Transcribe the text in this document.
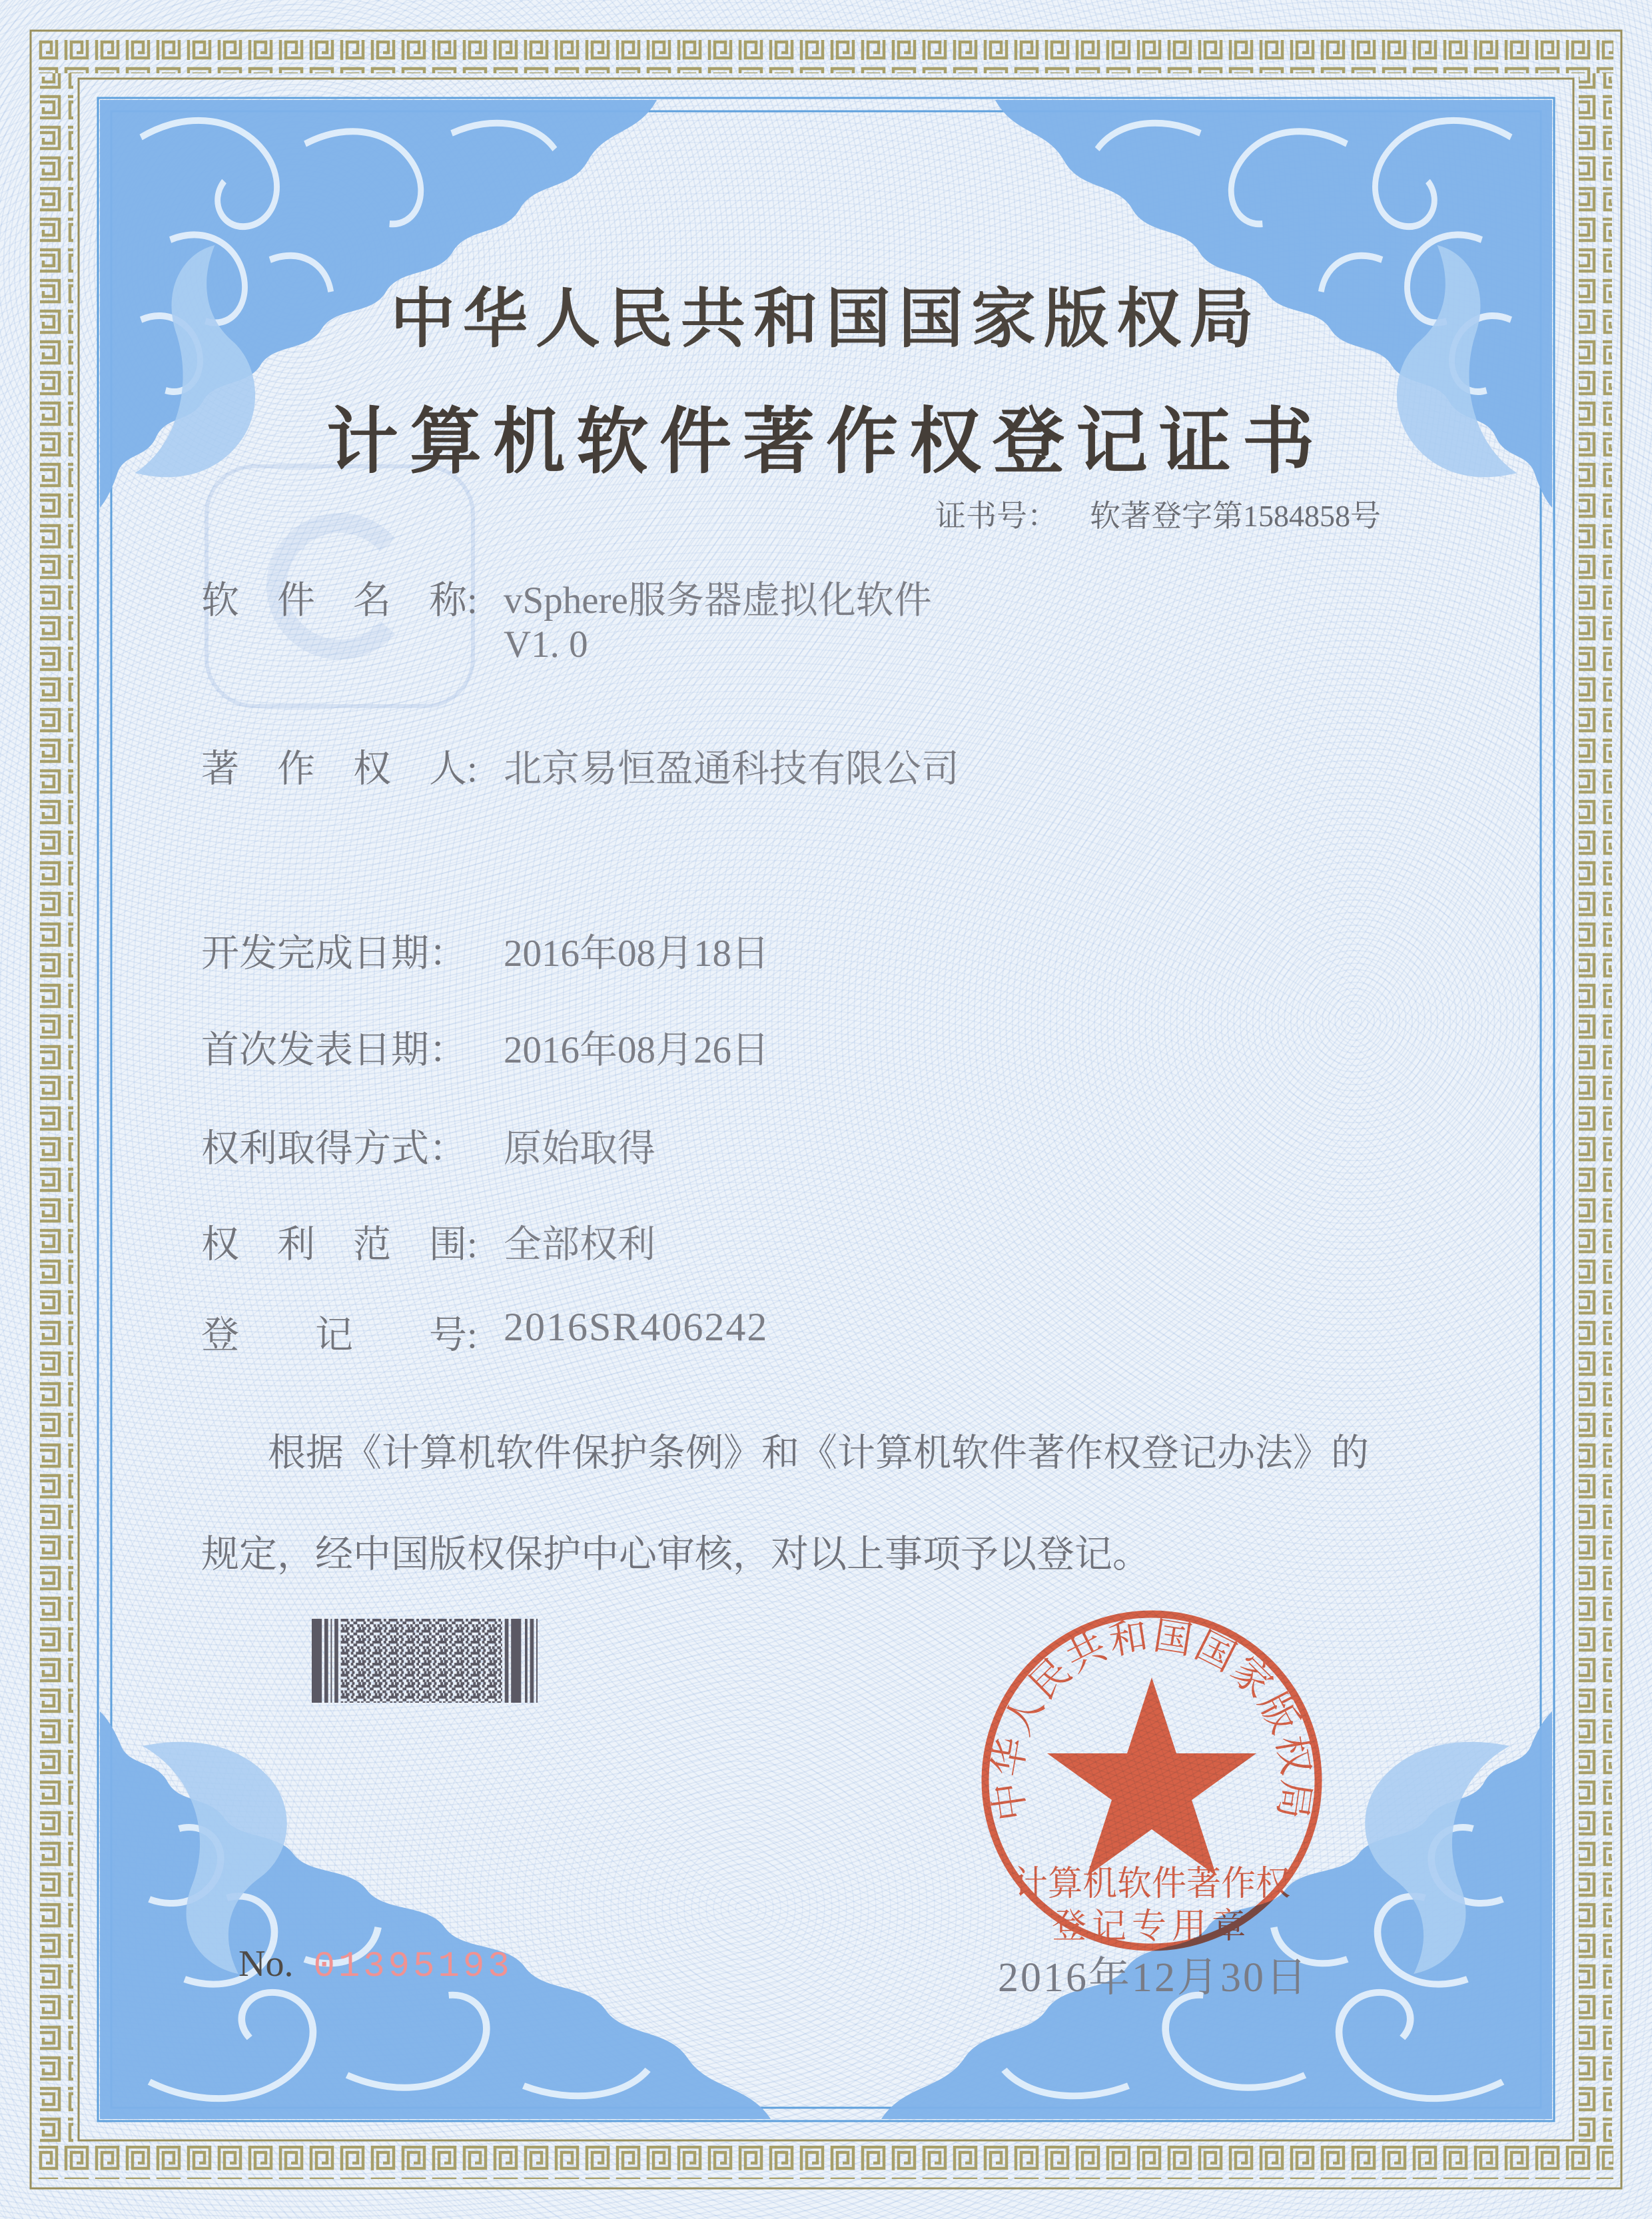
中华人民共和国国家版权局
计算机软件著作权登记证书
证书号： 软著登字第1584858号
软　件　名　称: vSphere服务器虚拟化软件
V1. 0
著　作　权　人: 北京易恒盈通科技有限公司
开发完成日期： 2016年08月18日
首次发表日期： 2016年08月26日
权利取得方式： 原始取得
权　利　范　围: 全部权利
登　　记　　号: 2016SR406242
根据《计算机软件保护条例》和《计算机软件著作权登记办法》的
规定，经中国版权保护中心审核，对以上事项予以登记。
2016年12月30日
中华人民共和国国家版权局
计算机软件著作权
登记专用章
No. 01395193
